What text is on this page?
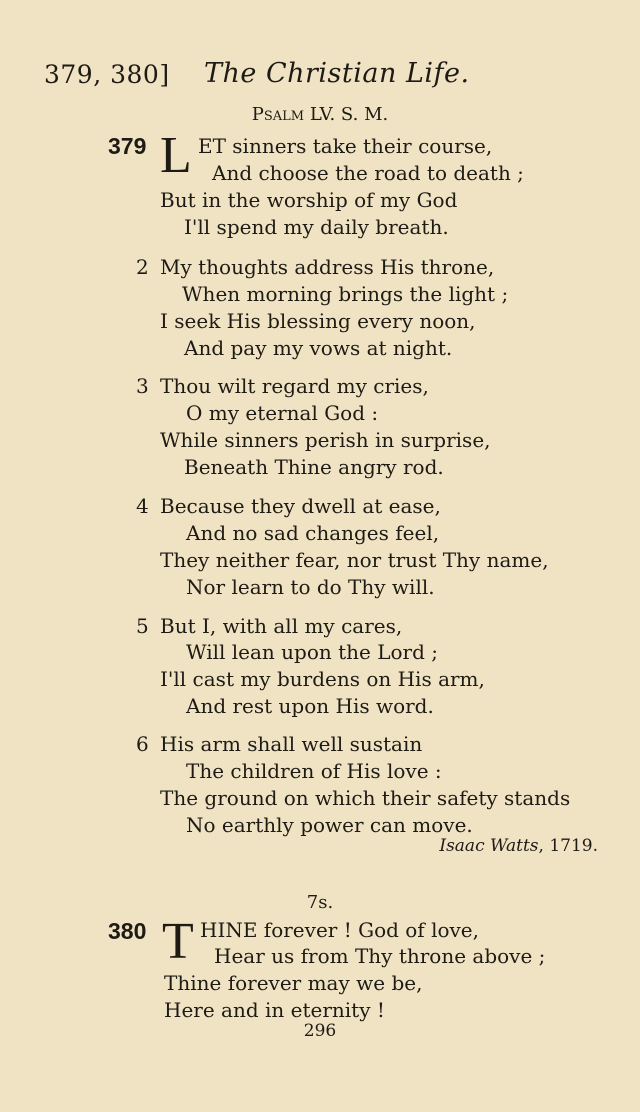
379, 380] The Christian Life.
Psalm LV. S. M.
379 L ET sinners take their course,
And choose the road to death ;
But in the worship of my God
I'll spend my daily breath.
2 My thoughts address His throne,
When morning brings the light ;
I seek His blessing every noon,
And pay my vows at night.
3 Thou wilt regard my cries,
O my eternal God :
While sinners perish in surprise,
Beneath Thine angry rod.
4 Because they dwell at ease,
And no sad changes feel,
They neither fear, nor trust Thy name,
Nor learn to do Thy will.
5 But I, with all my cares,
Will lean upon the Lord ;
I'll cast my burdens on His arm,
And rest upon His word.
6 His arm shall well sustain
The children of His love :
The ground on which their safety stands
No earthly power can move.
Isaac Watts, 1719.
7s.
380 T HINE forever ! God of love,
Hear us from Thy throne above ;
Thine forever may we be,
Here and in eternity !
296
